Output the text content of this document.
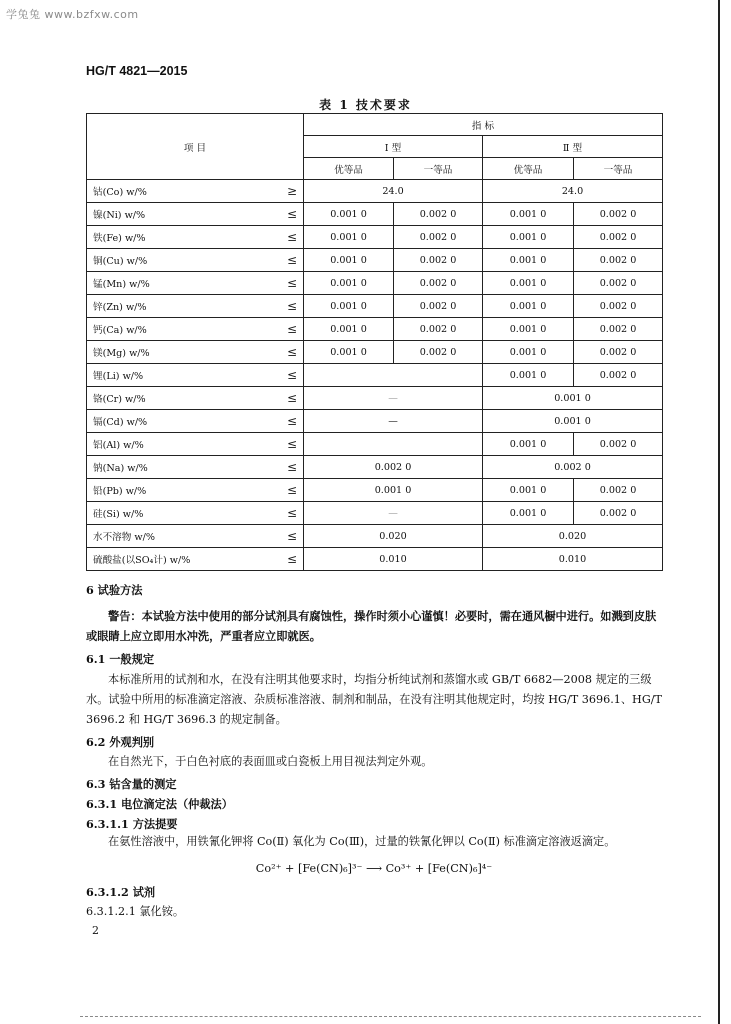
学兔兔 www.bzfxw.com
HG/T 4821—2015
表 1 技术要求
项 目		指 标			
		Ⅰ 型		Ⅱ 型	
		优等品	一等品	优等品	一等品
钴(Co) w/%	≥	24.0		24.0	
镍(Ni) w/%	≤	0.001 0	0.002 0	0.001 0	0.002 0
铁(Fe) w/%	≤	0.001 0	0.002 0	0.001 0	0.002 0
铜(Cu) w/%	≤	0.001 0	0.002 0	0.001 0	0.002 0
锰(Mn) w/%	≤	0.001 0	0.002 0	0.001 0	0.002 0
锌(Zn) w/%	≤	0.001 0	0.002 0	0.001 0	0.002 0
钙(Ca) w/%	≤	0.001 0	0.002 0	0.001 0	0.002 0
镁(Mg) w/%	≤	0.001 0	0.002 0	0.001 0	0.002 0
锂(Li) w/%	≤			0.001 0	0.002 0
铬(Cr) w/%	≤	—		0.001 0	
镉(Cd) w/%	≤	—		0.001 0	
铝(Al) w/%	≤			0.001 0	0.002 0
钠(Na) w/%	≤	0.002 0		0.002 0	
铅(Pb) w/%	≤	0.001 0		0.001 0	0.002 0
硅(Si) w/%	≤	—		0.001 0	0.002 0
水不溶物 w/%	≤	0.020		0.020	
硫酸盐(以SO₄计) w/%	≤	0.010		0.010	
6 试验方法
警告：本试验方法中使用的部分试剂具有腐蚀性，操作时须小心谨慎！必要时，需在通风橱中进行。如溅到皮肤或眼睛上应立即用水冲洗，严重者应立即就医。
6.1 一般规定
本标准所用的试剂和水，在没有注明其他要求时，均指分析纯试剂和蒸馏水或 GB/T 6682—2008 规定的三级水。试验中所用的标准滴定溶液、杂质标准溶液、制剂和制品，在没有注明其他规定时，均按 HG/T 3696.1、HG/T 3696.2 和 HG/T 3696.3 的规定制备。
6.2 外观判别
在自然光下，于白色衬底的表面皿或白瓷板上用目视法判定外观。
6.3 钴含量的测定
6.3.1 电位滴定法（仲裁法）
6.3.1.1 方法提要
在氨性溶液中，用铁氰化钾将 Co(Ⅱ) 氧化为 Co(Ⅲ)，过量的铁氰化钾以 Co(Ⅱ) 标准滴定溶液返滴定。
Co²⁺ + [Fe(CN)₆]³⁻ ⟶ Co³⁺ + [Fe(CN)₆]⁴⁻
6.3.1.2 试剂
6.3.1.2.1 氯化铵。
2
